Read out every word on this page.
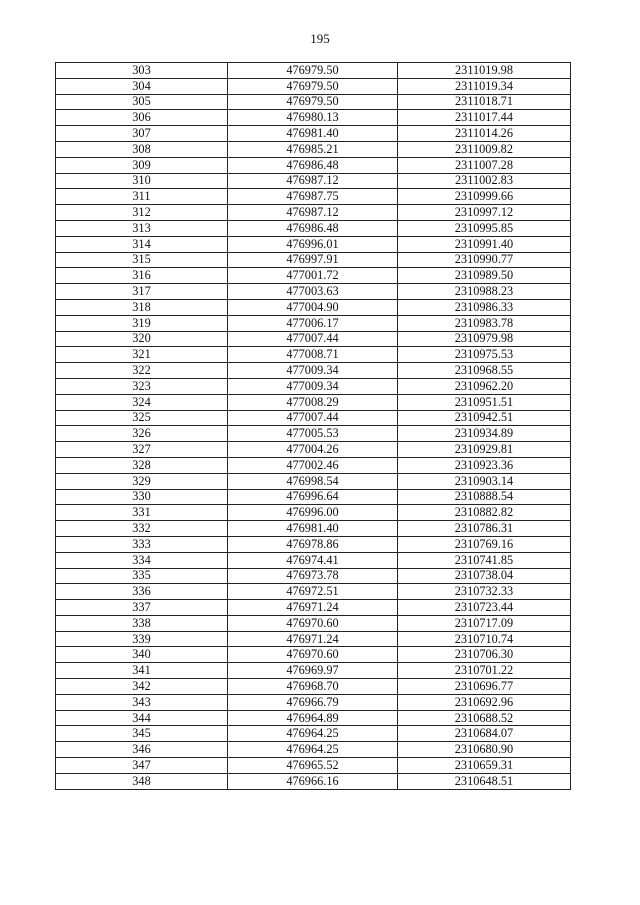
195
303	476979.50	2311019.98
304	476979.50	2311019.34
305	476979.50	2311018.71
306	476980.13	2311017.44
307	476981.40	2311014.26
308	476985.21	2311009.82
309	476986.48	2311007.28
310	476987.12	2311002.83
311	476987.75	2310999.66
312	476987.12	2310997.12
313	476986.48	2310995.85
314	476996.01	2310991.40
315	476997.91	2310990.77
316	477001.72	2310989.50
317	477003.63	2310988.23
318	477004.90	2310986.33
319	477006.17	2310983.78
320	477007.44	2310979.98
321	477008.71	2310975.53
322	477009.34	2310968.55
323	477009.34	2310962.20
324	477008.29	2310951.51
325	477007.44	2310942.51
326	477005.53	2310934.89
327	477004.26	2310929.81
328	477002.46	2310923.36
329	476998.54	2310903.14
330	476996.64	2310888.54
331	476996.00	2310882.82
332	476981.40	2310786.31
333	476978.86	2310769.16
334	476974.41	2310741.85
335	476973.78	2310738.04
336	476972.51	2310732.33
337	476971.24	2310723.44
338	476970.60	2310717.09
339	476971.24	2310710.74
340	476970.60	2310706.30
341	476969.97	2310701.22
342	476968.70	2310696.77
343	476966.79	2310692.96
344	476964.89	2310688.52
345	476964.25	2310684.07
346	476964.25	2310680.90
347	476965.52	2310659.31
348	476966.16	2310648.51
